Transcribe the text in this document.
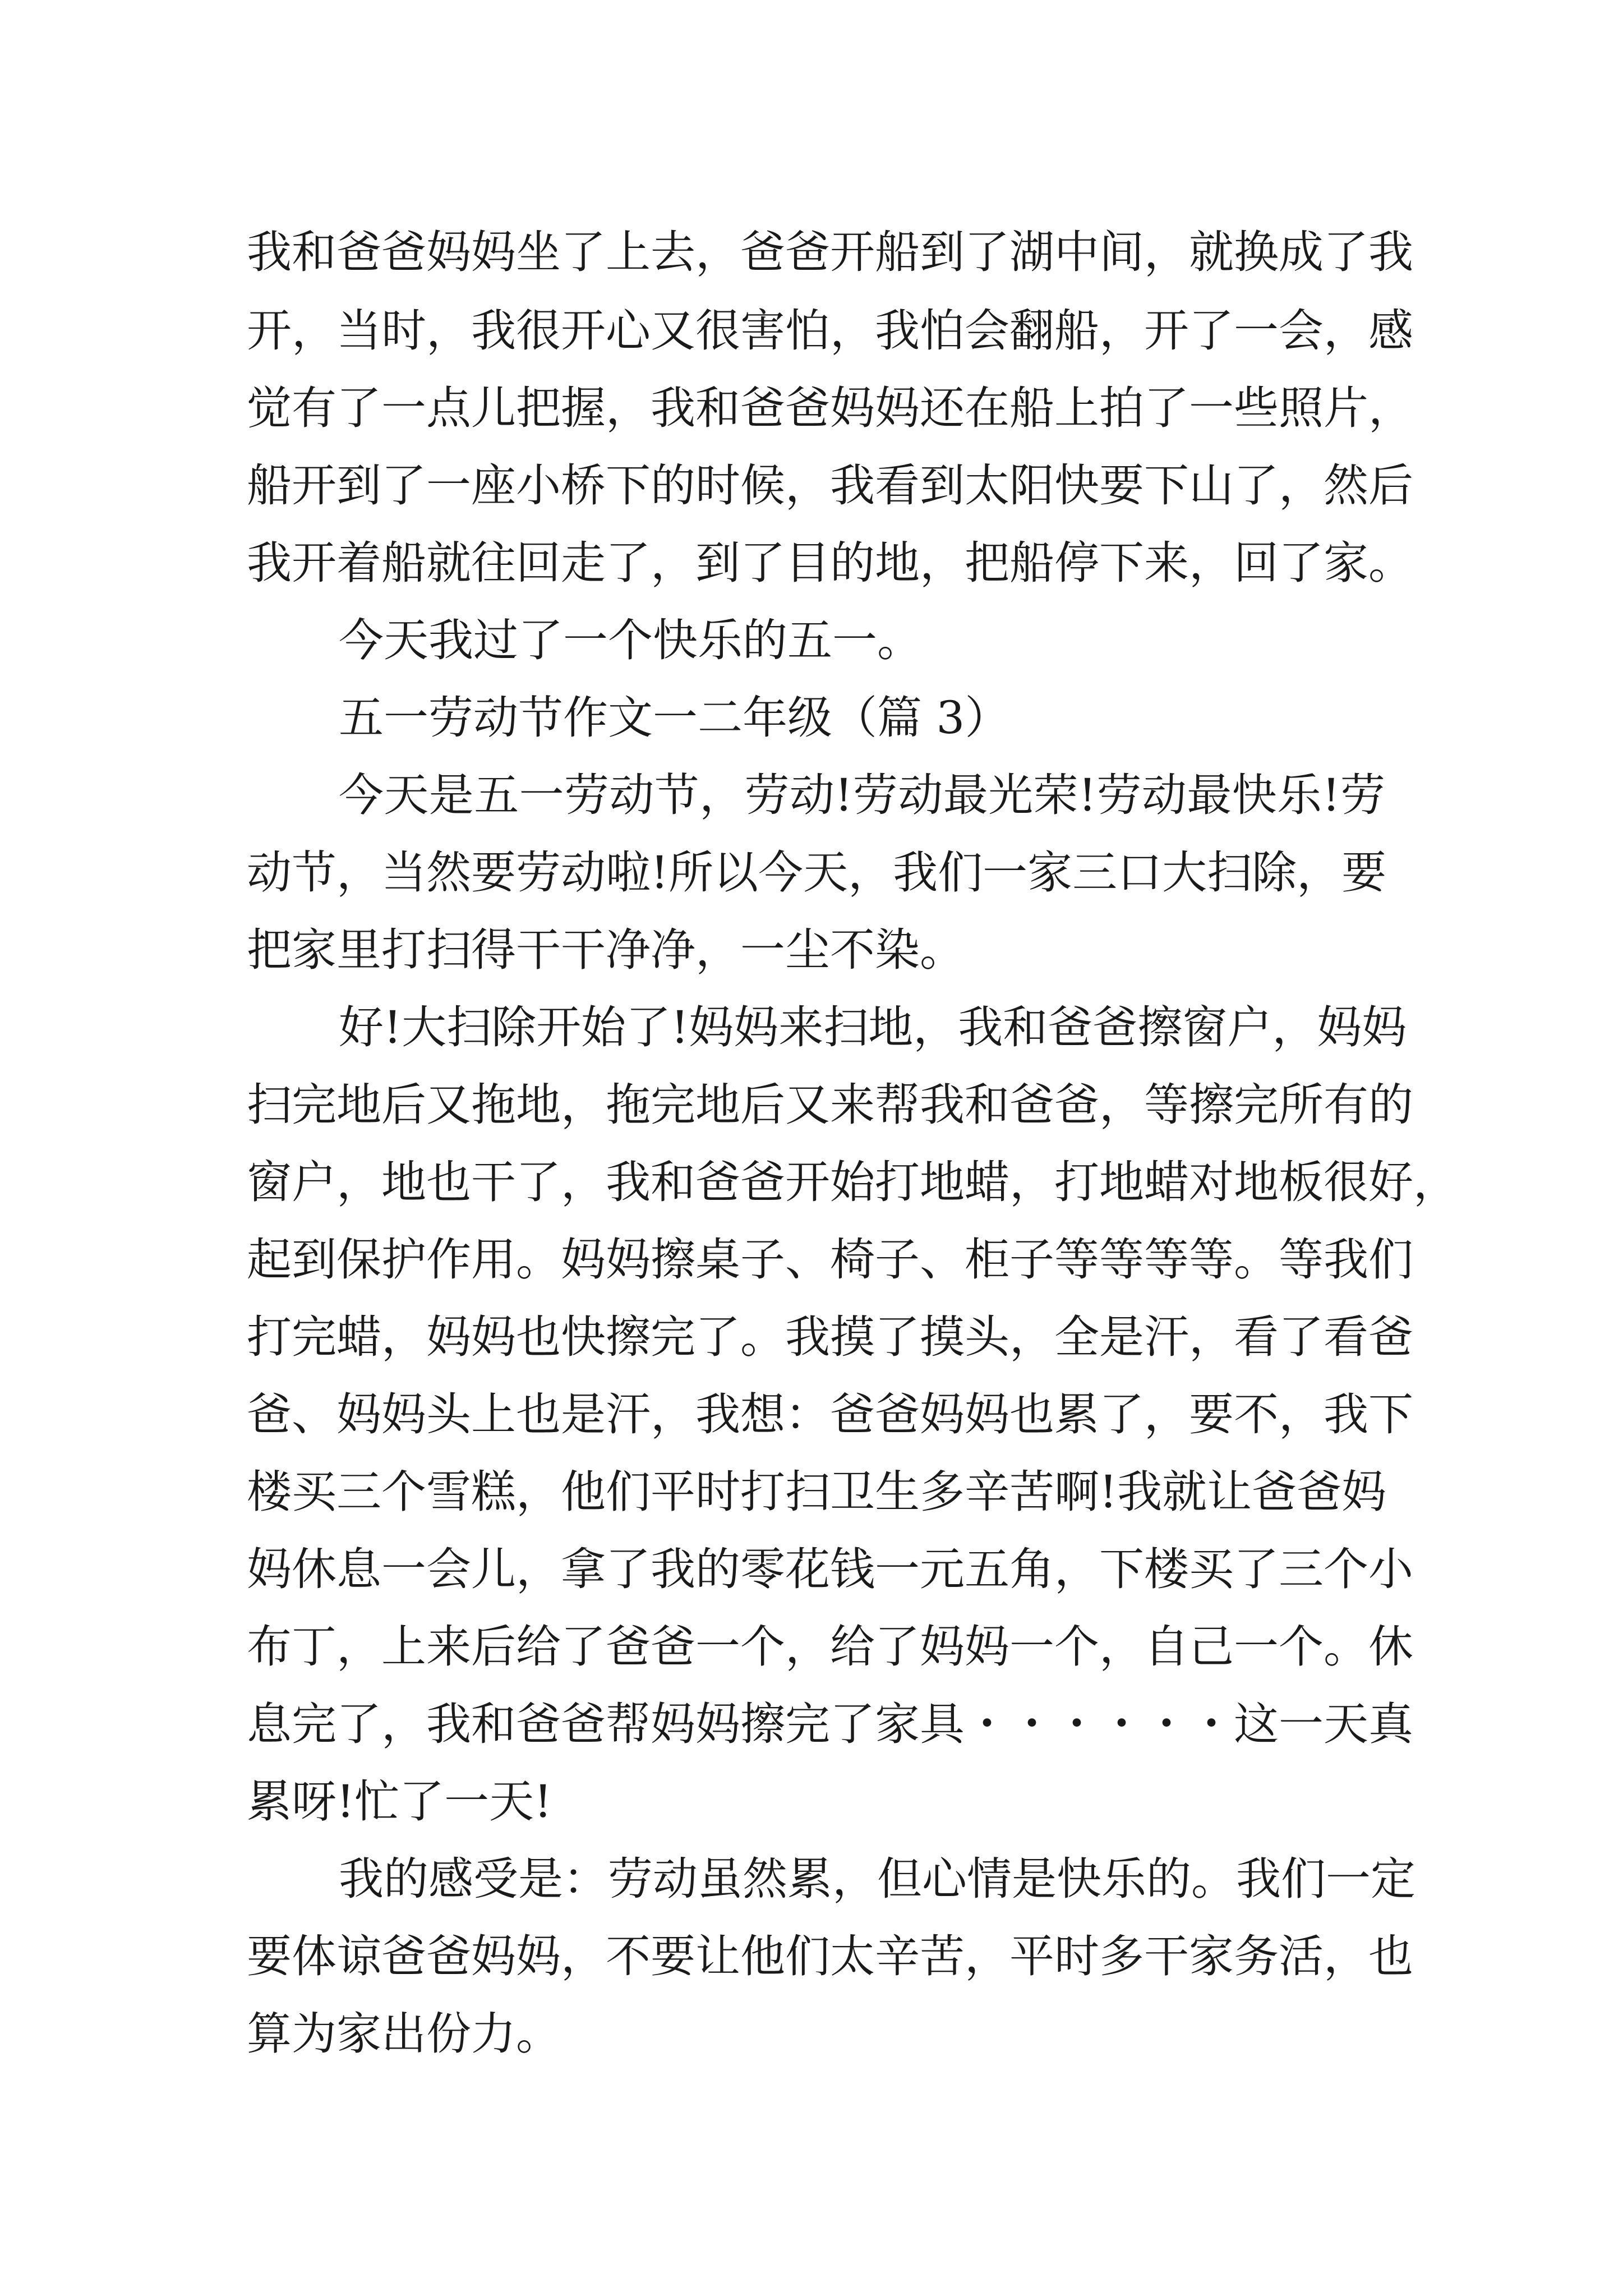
我和爸爸妈妈坐了上去，爸爸开船到了湖中间，就换成了我
开，当时，我很开心又很害怕，我怕会翻船，开了一会，感
觉有了一点儿把握，我和爸爸妈妈还在船上拍了一些照片，
船开到了一座小桥下的时候，我看到太阳快要下山了，然后
我开着船就往回走了，到了目的地，把船停下来，回了家。
今天我过了一个快乐的五一。
五一劳动节作文一二年级（篇 3）
今天是五一劳动节，劳动!劳动最光荣!劳动最快乐!劳
动节，当然要劳动啦!所以今天，我们一家三口大扫除，要
把家里打扫得干干净净，一尘不染。
好!大扫除开始了!妈妈来扫地，我和爸爸擦窗户，妈妈
扫完地后又拖地，拖完地后又来帮我和爸爸，等擦完所有的
窗户，地也干了，我和爸爸开始打地蜡，打地蜡对地板很好，
起到保护作用。妈妈擦桌子、椅子、柜子等等等等。等我们
打完蜡，妈妈也快擦完了。我摸了摸头，全是汗，看了看爸
爸、妈妈头上也是汗，我想：爸爸妈妈也累了，要不，我下
楼买三个雪糕，他们平时打扫卫生多辛苦啊!我就让爸爸妈
妈休息一会儿，拿了我的零花钱一元五角，下楼买了三个小
布丁，上来后给了爸爸一个，给了妈妈一个，自己一个。休
息完了，我和爸爸帮妈妈擦完了家具・・・・・・这一天真
累呀!忙了一天!
我的感受是：劳动虽然累，但心情是快乐的。我们一定
要体谅爸爸妈妈，不要让他们太辛苦，平时多干家务活，也
算为家出份力。
